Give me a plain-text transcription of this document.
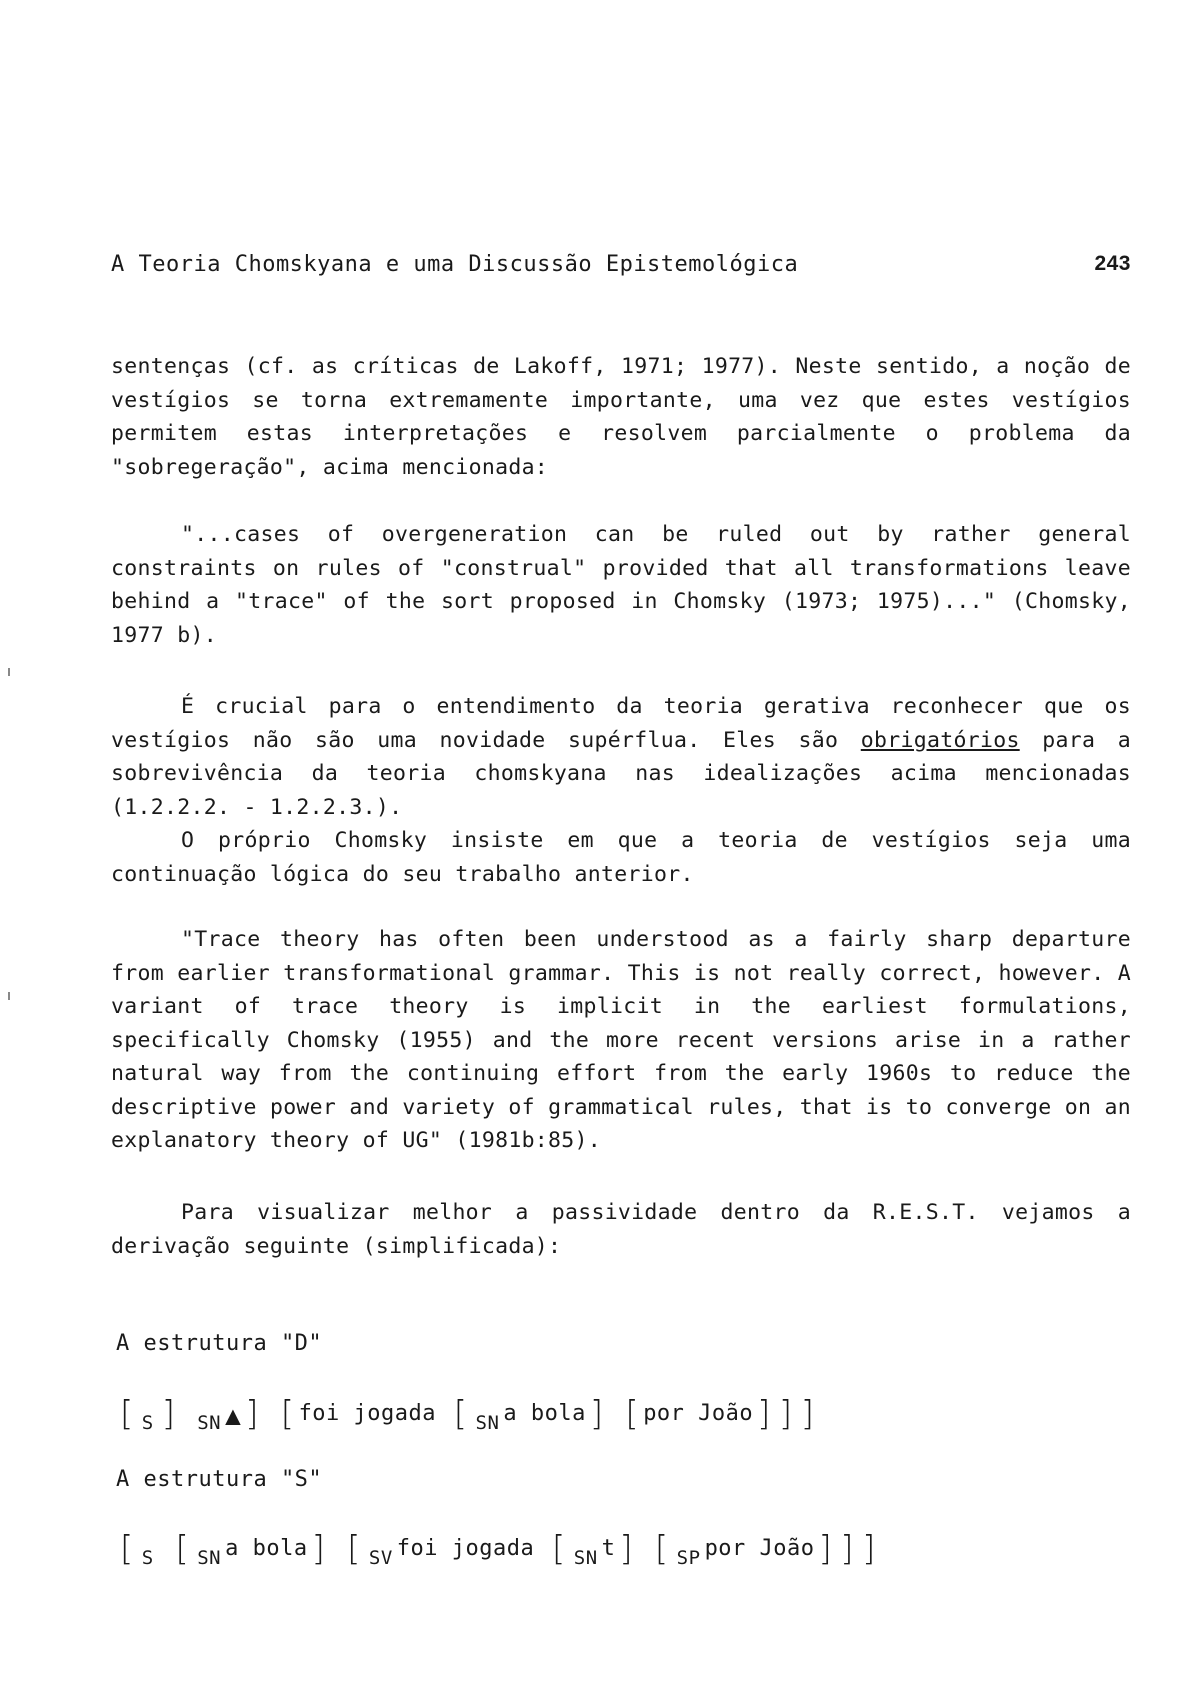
A Teoria Chomskyana e uma Discussão Epistemológica	243
sentenças (cf. as críticas de Lakoff, 1971; 1977). Neste sentido, a noção de vestígios se torna extremamente importante, uma vez que estes vestígios permitem estas interpretações e resolvem parcialmente o problema da "sobregeração", acima mencionada:
"...cases of overgeneration can be ruled out by rather general constraints on rules of "construal" provided that all transformations leave behind a "trace" of the sort proposed in Chomsky (1973; 1975)..." (Chomsky, 1977 b).
É crucial para o entendimento da teoria gerativa reconhecer que os vestígios não são uma novidade supérflua. Eles são obrigatórios para a sobrevivência da teoria chomskyana nas idealizações acima mencionadas (1.2.2.2. - 1.2.2.3.).
O próprio Chomsky insiste em que a teoria de vestígios seja uma continuação lógica do seu trabalho anterior.
"Trace theory has often been understood as a fairly sharp departure from earlier transformational grammar. This is not really correct, however. A variant of trace theory is implicit in the earliest formulations, specifically Chomsky (1955) and the more recent versions arise in a rather natural way from the continuing effort from the early 1960s to reduce the descriptive power and variety of grammatical rules, that is to converge on an explanatory theory of UG" (1981b:85).
Para visualizar melhor a passividade dentro da R.E.S.T. vejamos a derivação seguinte (simplificada):
A estrutura "D"
[ S ] SN ▲ ] [ foi jogada [ SN a bola ] [ por João ] ] ]
A estrutura "S"
[ S [ SN a bola ] [ SV foi jogada [ SN t ] [ SP por João ] ] ]
